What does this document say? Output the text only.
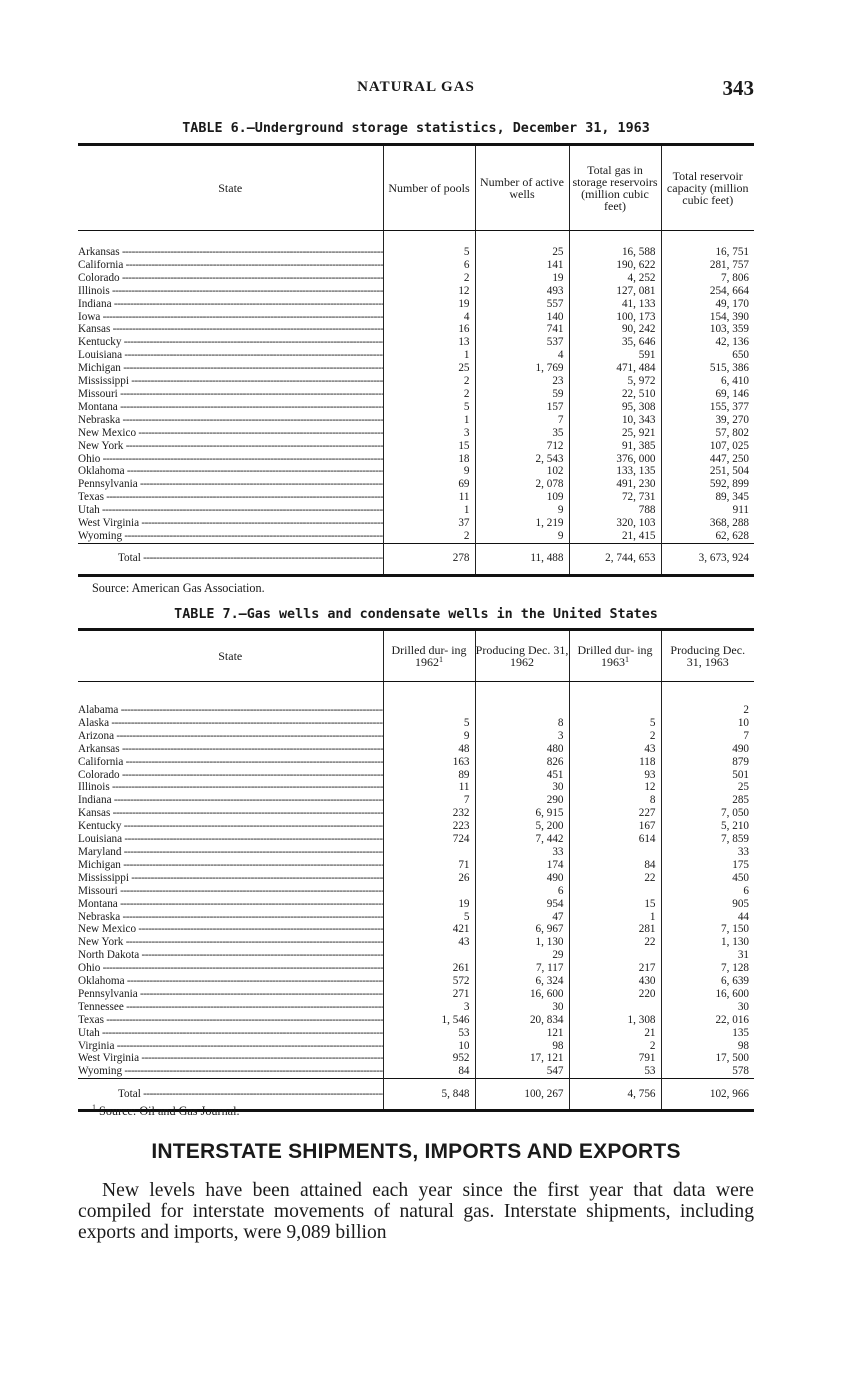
NATURAL GAS	343
TABLE 6.—Underground storage statistics, December 31, 1963
State	Number of pools	Number of active wells	Total gas in storage reservoirs (million cubic feet)	Total reservoir capacity (million cubic feet)

Arkansas -----	5	25	16, 588	16, 751
California -----	6	141	190, 622	281, 757
Colorado -----	2	19	4, 252	7, 806
Illinois -----	12	493	127, 081	254, 664
Indiana -----	19	557	41, 133	49, 170
Iowa -----	4	140	100, 173	154, 390
Kansas -----	16	741	90, 242	103, 359
Kentucky -----	13	537	35, 646	42, 136
Louisiana -----	1	4	591	650
Michigan -----	25	1, 769	471, 484	515, 386
Mississippi -----	2	23	5, 972	6, 410
Missouri -----	2	59	22, 510	69, 146
Montana -----	5	157	95, 308	155, 377
Nebraska -----	1	7	10, 343	39, 270
New Mexico -----	3	35	25, 921	57, 802
New York -----	15	712	91, 385	107, 025
Ohio -----	18	2, 543	376, 000	447, 250
Oklahoma -----	9	102	133, 135	251, 504
Pennsylvania -----	69	2, 078	491, 230	592, 899
Texas -----	11	109	72, 731	89, 345
Utah -----	1	9	788	911
West Virginia -----	37	1, 219	320, 103	368, 288
Wyoming -----	2	9	21, 415	62, 628
Total -----	278	11, 488	2, 744, 653	3, 673, 924
Source: American Gas Association.
TABLE 7.—Gas wells and condensate wells in the United States
State	Drilled dur- ing 1962$^1$	Producing Dec. 31, 1962	Drilled dur- ing 1963$^1$	Producing Dec. 31, 1963

Alabama -----				2
Alaska -----	5	8	5	10
Arizona -----	9	3	2	7
Arkansas -----	48	480	43	490
California -----	163	826	118	879
Colorado -----	89	451	93	501
Illinois -----	11	30	12	25
Indiana -----	7	290	8	285
Kansas -----	232	6, 915	227	7, 050
Kentucky -----	223	5, 200	167	5, 210
Louisiana -----	724	7, 442	614	7, 859
Maryland -----		33		33
Michigan -----	71	174	84	175
Mississippi -----	26	490	22	450
Missouri -----		6		6
Montana -----	19	954	15	905
Nebraska -----	5	47	1	44
New Mexico -----	421	6, 967	281	7, 150
New York -----	43	1, 130	22	1, 130
North Dakota -----		29		31
Ohio -----	261	7, 117	217	7, 128
Oklahoma -----	572	6, 324	430	6, 639
Pennsylvania -----	271	16, 600	220	16, 600
Tennessee -----	3	30		30
Texas -----	1, 546	20, 834	1, 308	22, 016
Utah -----	53	121	21	135
Virginia -----	10	98	2	98
West Virginia -----	952	17, 121	791	17, 500
Wyoming -----	84	547	53	578
Total -----	5, 848	100, 267	4, 756	102, 966
$^1$ Source: Oil and Gas Journal.
INTERSTATE SHIPMENTS, IMPORTS AND EXPORTS

New levels have been attained each year since the first year that data were compiled for interstate movements of natural gas. Interstate shipments, including exports and imports, were 9,089 billion
